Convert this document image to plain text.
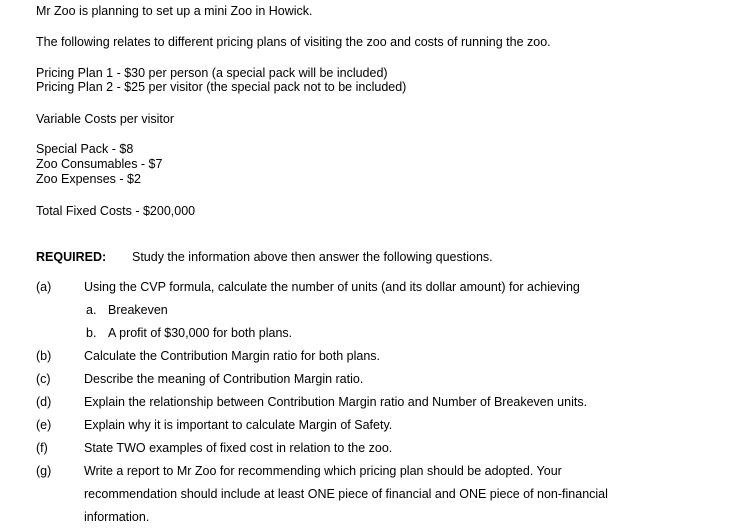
Mr Zoo is planning to set up a mini Zoo in Howick.
The following relates to different pricing plans of visiting the zoo and costs of running the zoo.
Pricing Plan 1 - $30 per person (a special pack will be included)
Pricing Plan 2 - $25 per visitor (the special pack not to be included)
Variable Costs per visitor
Special Pack - $8
Zoo Consumables - $7
Zoo Expenses - $2
Total Fixed Costs - $200,000
REQUIRED: Study the information above then answer the following questions.
(a)	Using the CVP formula, calculate the number of units (and its dollar amount) for achieving
a. Breakeven
b. A profit of $30,000 for both plans.
(b)	Calculate the Contribution Margin ratio for both plans.
(c)	Describe the meaning of Contribution Margin ratio.
(d)	Explain the relationship between Contribution Margin ratio and Number of Breakeven units.
(e)	Explain why it is important to calculate Margin of Safety.
(f)	State TWO examples of fixed cost in relation to the zoo.
(g)	Write a report to Mr Zoo for recommending which pricing plan should be adopted. Your
recommendation should include at least ONE piece of financial and ONE piece of non-financial
information.
